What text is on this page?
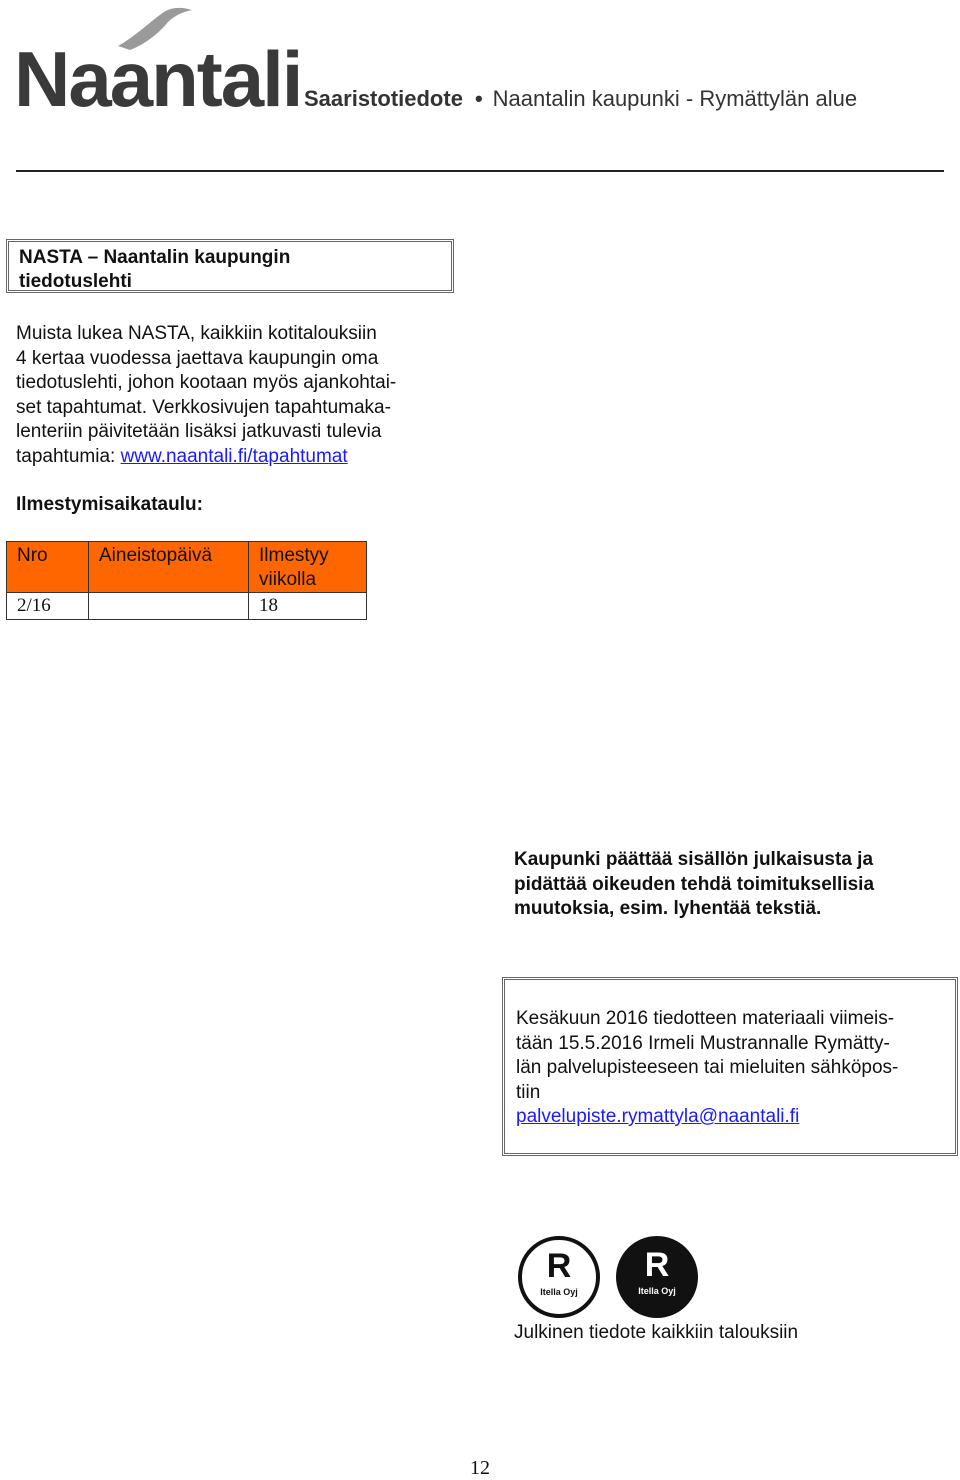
Naantali Saaristotiedote • Naantalin kaupunki - Rymättylän alue
NASTA – Naantalin kaupungin
tiedotuslehti
Muista lukea NASTA, kaikkiin kotitalouksiin
4 kertaa vuodessa jaettava kaupungin oma
tiedotuslehti, johon kootaan myös ajankohtai-
set tapahtumat. Verkkosivujen tapahtumaka-
lenteriin päivitetään lisäksi jatkuvasti tulevia
tapahtumia: www.naantali.fi/tapahtumat
Ilmestymisaikataulu:
Nro	Aineistopäivä	Ilmestyy viikolla
2/16		18
Kaupunki päättää sisällön julkaisusta ja
pidättää oikeuden tehdä toimituksellisia
muutoksia, esim. lyhentää tekstiä.
Kesäkuun 2016 tiedotteen materiaali viimeis-
tään 15.5.2016 Irmeli Mustrannalle Rymätty-
län palvelupisteeseen tai mieluiten sähköpos-
tiin
palvelupiste.rymattyla@naantali.fi
R
Itella Oyj
R
Itella Oyj
Julkinen tiedote kaikkiin talouksiin
12
